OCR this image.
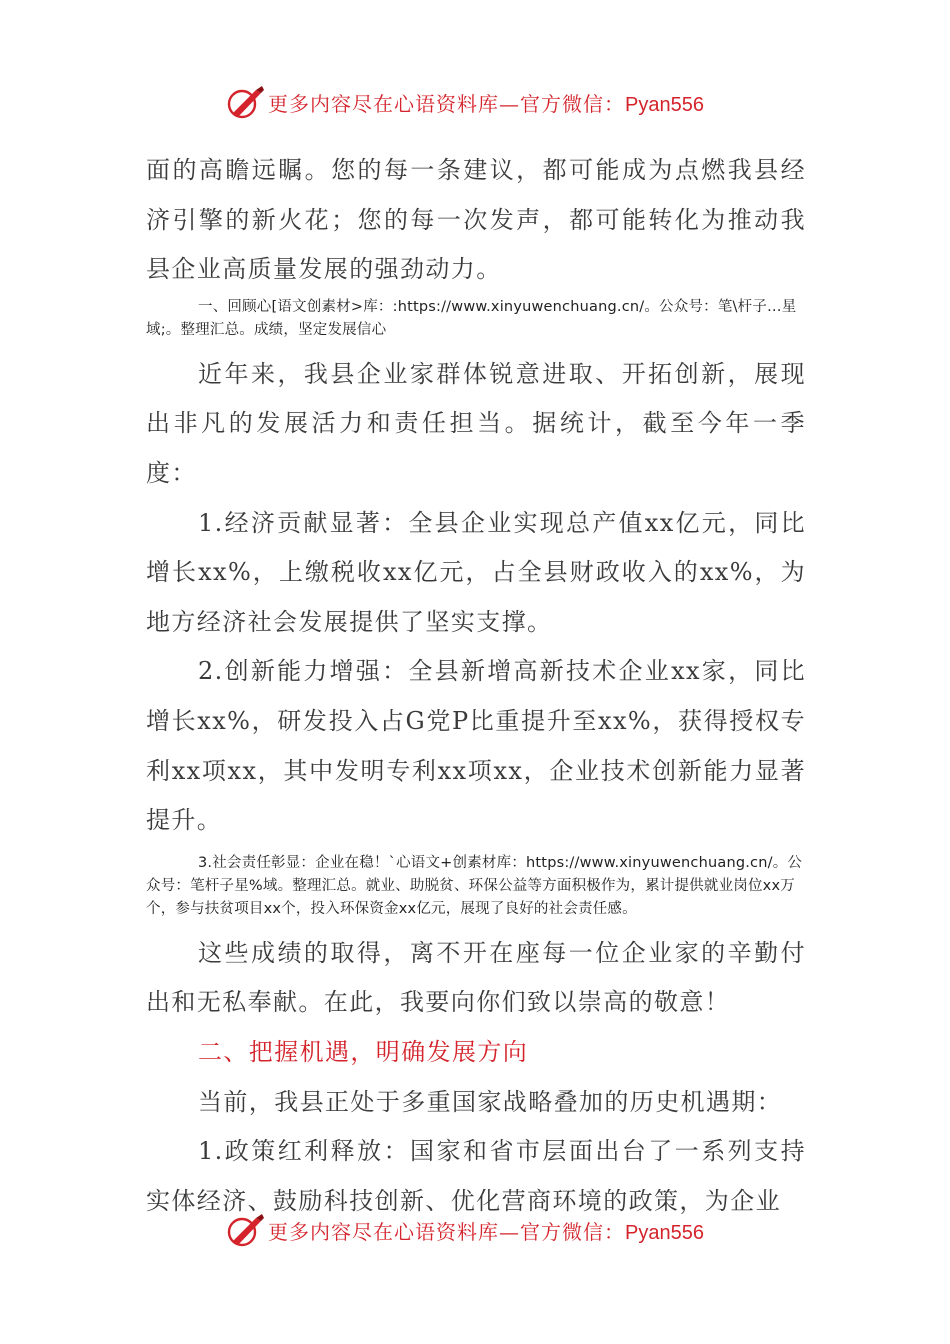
更多内容尽在心语资料库—官方微信：Pyan556

面的高瞻远瞩。您的每一条建议，都可能成为点燃我县经济引擎的新火花；您的每一次发声，都可能转化为推动我县企业高质量发展的强劲动力。

一、回顾心[语文创素材>库：:https://www.xinyuwenchuang.cn/。公众号：笔\杆子…星域;。整理汇总。成绩，坚定发展信心

近年来，我县企业家群体锐意进取、开拓创新，展现出非凡的发展活力和责任担当。据统计，截至今年一季度：

1.经济贡献显著：全县企业实现总产值xx亿元，同比增长xx%，上缴税收xx亿元，占全县财政收入的xx%，为地方经济社会发展提供了坚实支撑。

2.创新能力增强：全县新增高新技术企业xx家，同比增长xx%，研发投入占G党P比重提升至xx%，获得授权专利xx项xx，其中发明专利xx项xx，企业技术创新能力显著提升。

3.社会责任彰显：企业在稳！`心语文+创素材库：https://www.xinyuwenchuang.cn/。公众号：笔杆子星%域。整理汇总。就业、助脱贫、环保公益等方面积极作为，累计提供就业岗位xx万个，参与扶贫项目xx个，投入环保资金xx亿元，展现了良好的社会责任感。

这些成绩的取得，离不开在座每一位企业家的辛勤付出和无私奉献。在此，我要向你们致以崇高的敬意！

二、把握机遇，明确发展方向

当前，我县正处于多重国家战略叠加的历史机遇期：

1.政策红利释放：国家和省市层面出台了一系列支持实体经济、鼓励科技创新、优化营商环境的政策，为企业

更多内容尽在心语资料库—官方微信：Pyan556
